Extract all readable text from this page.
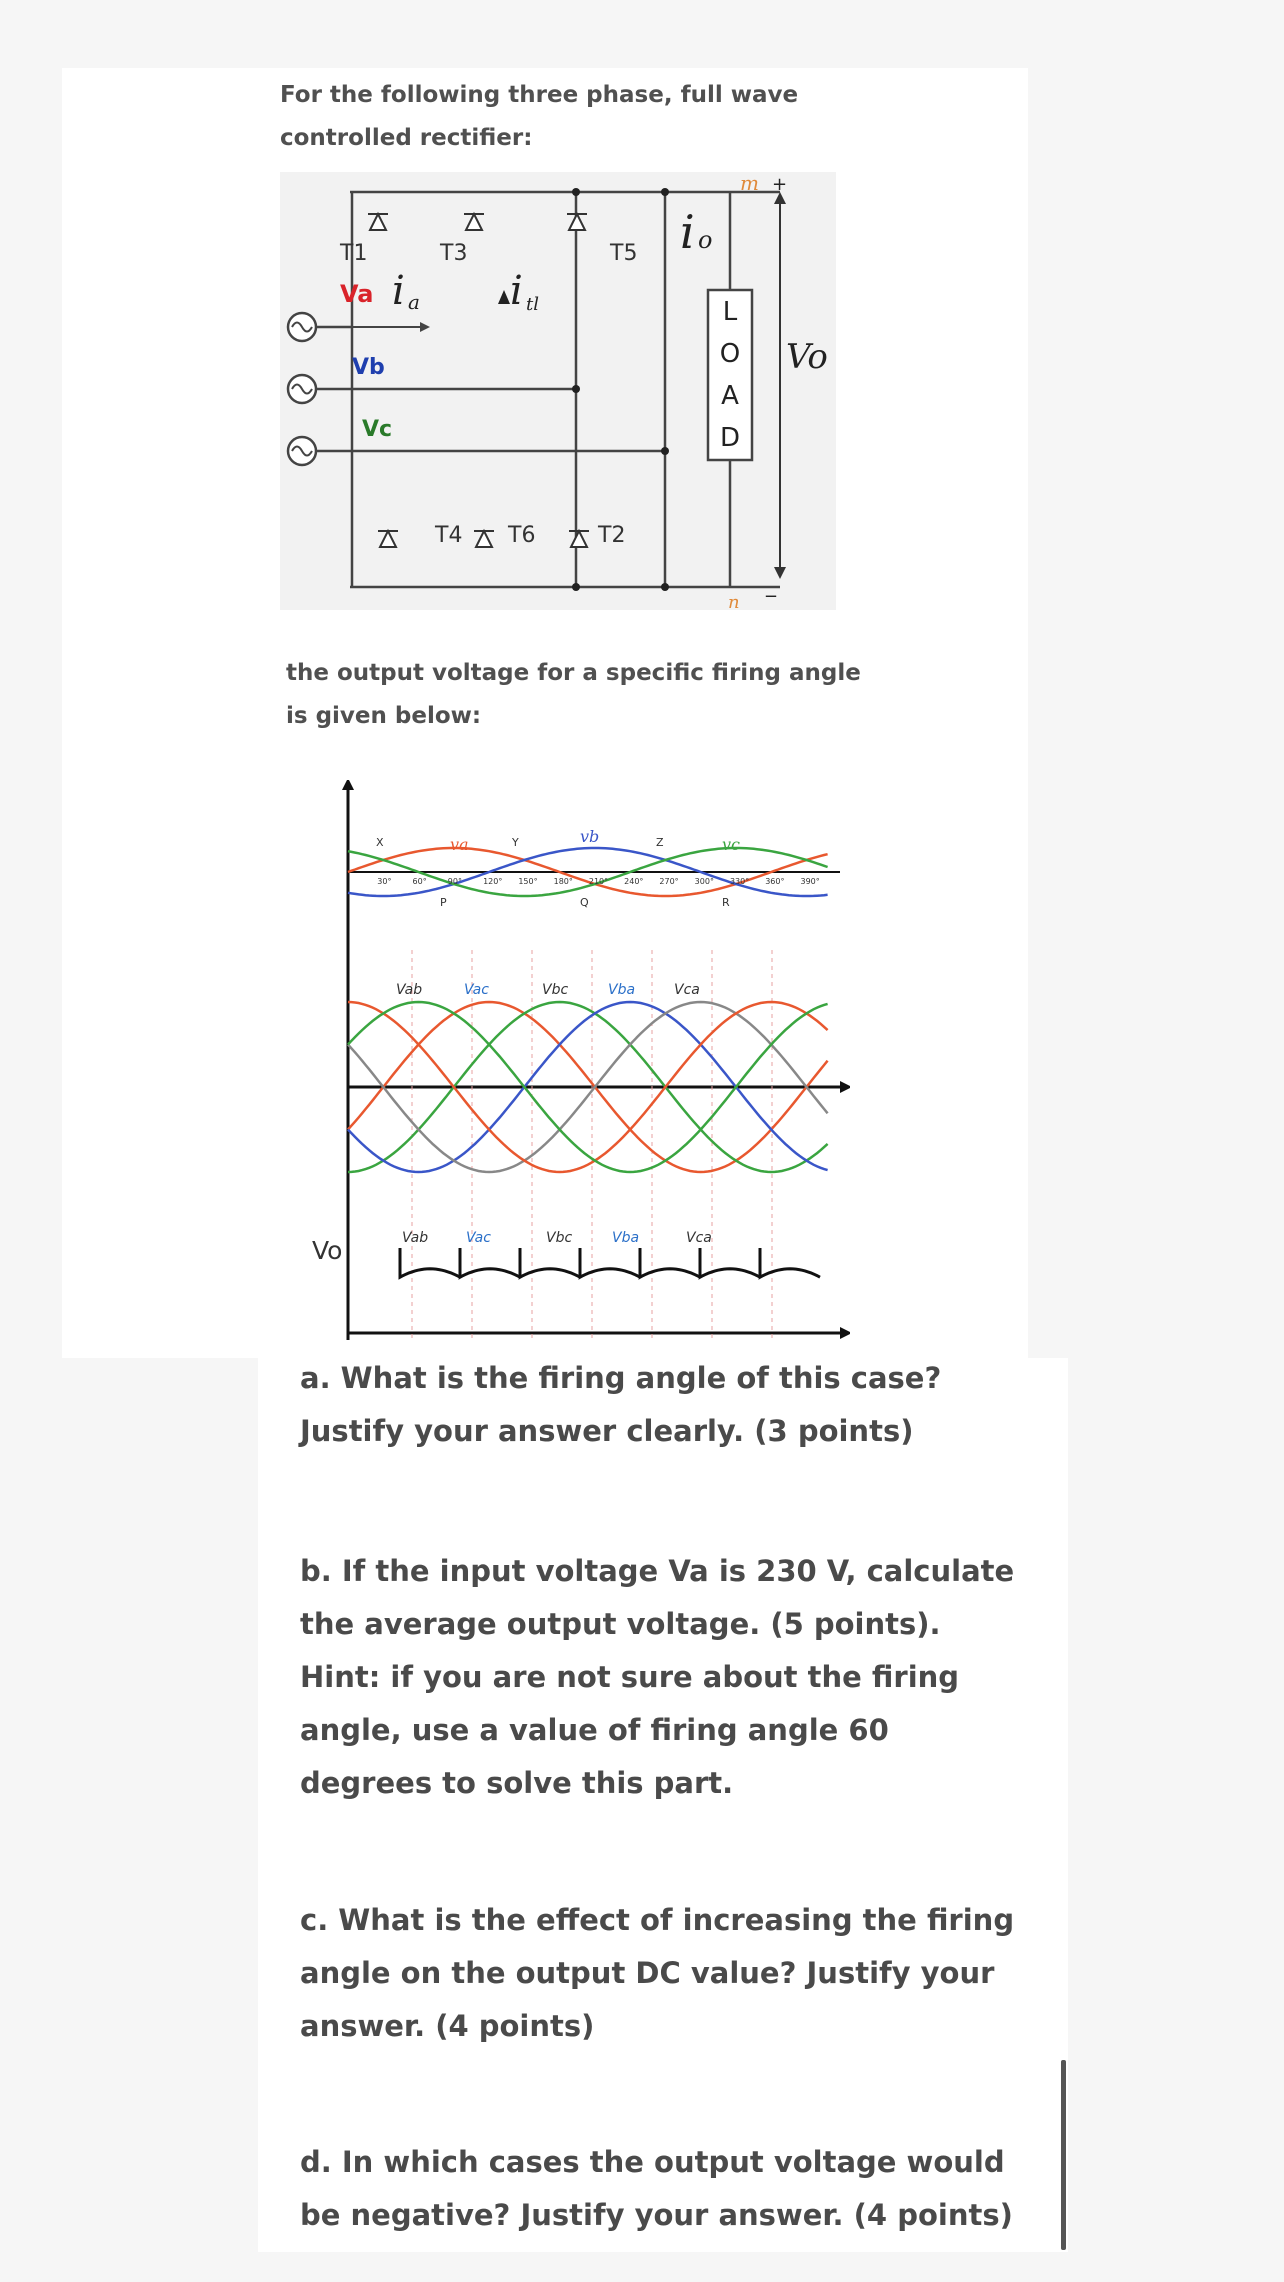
For the following three phase, full wave controlled rectifier:
L
O
A
D
+
_
m
n
Vo
T1	T3	T5
T4 T6	T2
Va
Vb
Vc
i a i tl
i o
the output voltage for a specific firing angle is given below:
30°	60°	90°	120° 150° 180° 210° 240° 270° 300° 330° 360° 390°
va	vb	vc
X	Y	Z
P	Q	R
Vab	Vac	Vbc	Vba	Vca
Vab	Vac	Vbc	Vba	Vca
Vo
a. What is the firing angle of this case? Justify your answer clearly. (3 points)
b. If the input voltage Va is 230 V, calculate the average output voltage. (5 points). Hint: if you are not sure about the firing angle, use a value of firing angle 60 degrees to solve this part.
c. What is the effect of increasing the firing angle on the output DC value? Justify your answer. (4 points)
d. In which cases the output voltage would be negative? Justify your answer. (4 points)
